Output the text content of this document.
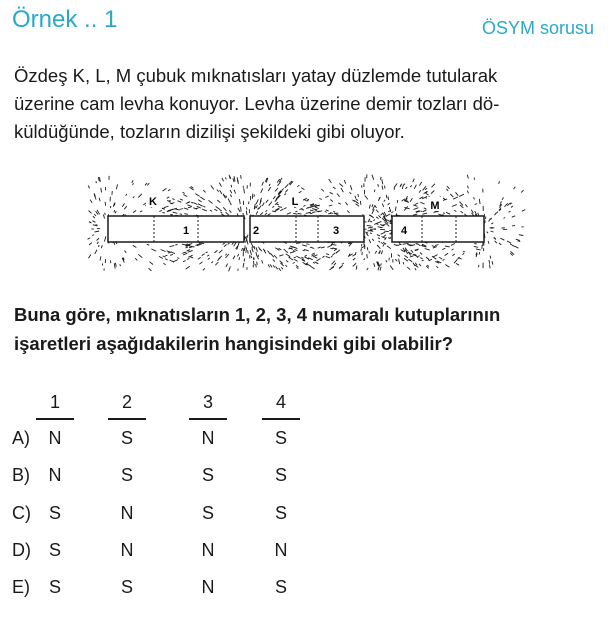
Örnek .. 1	ÖSYM sorusu

Özdeş K, L, M çubuk mıknatısları yatay düzlemde tutularak

üzerine cam levha konuyor. Levha üzerine demir tozları dö-

küldüğünde, tozların dizilişi şekildeki gibi oluyor.

K	L	M
1	2	3	4

Buna göre, mıknatısların 1, 2, 3, 4 numaralı kutuplarının

işaretleri aşağıdakilerin hangisindeki gibi olabilir?

1	2	3	4
A)	N	S	N	S
B)	N	S	S	S
C) S	N	S	S
D) S	N	N	N
E)	S	S	N	S
